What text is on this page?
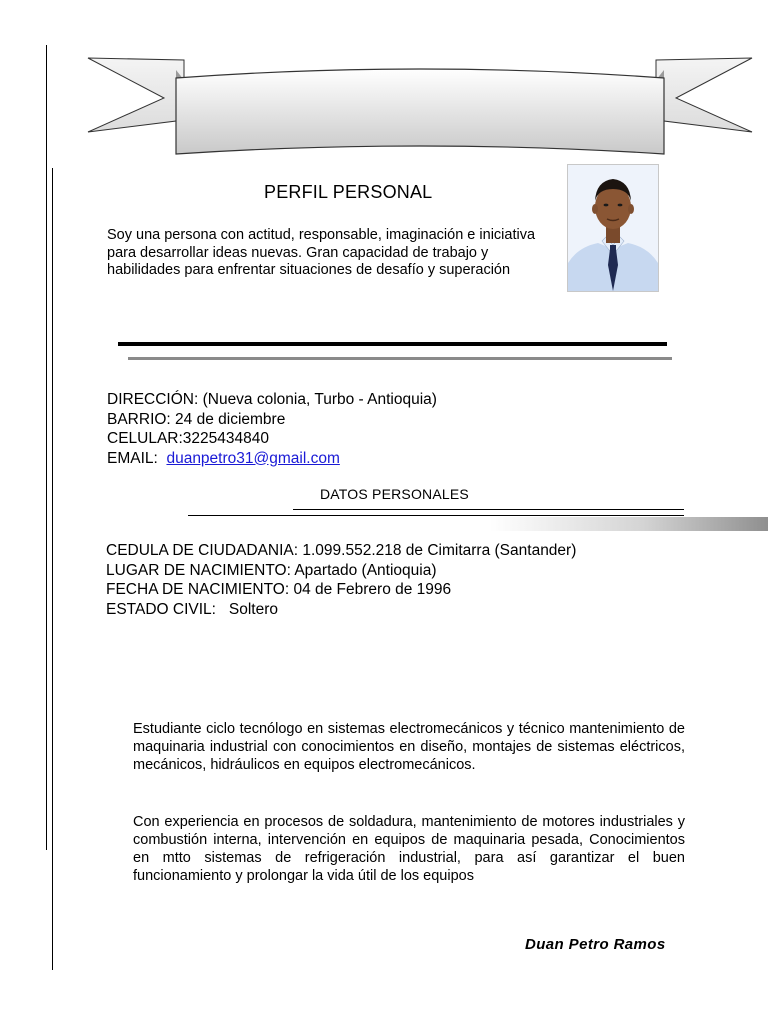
PERFIL PERSONAL
Soy una persona con actitud, responsable, imaginación e iniciativa para desarrollar ideas nuevas. Gran capacidad de trabajo y habilidades para enfrentar situaciones de desafío y superación
DIRECCIÓN: (Nueva colonia, Turbo - Antioquia)
BARRIO: 24 de diciembre
CELULAR:3225434840
EMAIL: duanpetro31@gmail.com
DATOS PERSONALES
CEDULA DE CIUDADANIA: 1.099.552.218 de Cimitarra (Santander)
LUGAR DE NACIMIENTO: Apartado (Antioquia)
FECHA DE NACIMIENTO: 04 de Febrero de 1996
ESTADO CIVIL:   Soltero
Estudiante ciclo tecnólogo en sistemas electromecánicos y técnico mantenimiento de maquinaria industrial con conocimientos en diseño, montajes de sistemas eléctricos, mecánicos, hidráulicos en equipos electromecánicos.
Con experiencia en procesos de soldadura, mantenimiento de motores industriales y combustión interna, intervención en equipos de maquinaria pesada, Conocimientos en mtto sistemas de refrigeración industrial, para así garantizar el buen funcionamiento y prolongar la vida útil de los equipos
Duan Petro Ramos
